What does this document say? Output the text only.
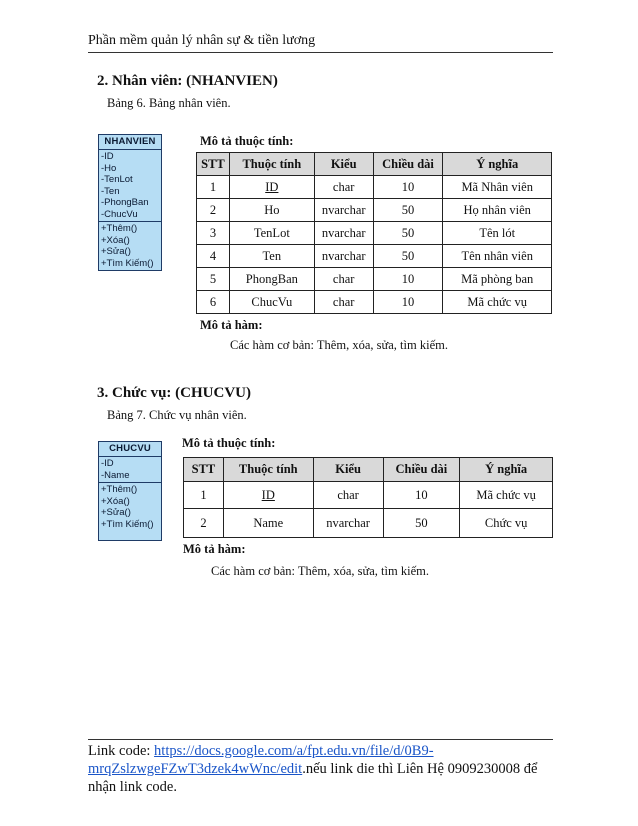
Phần mềm quản lý nhân sự & tiền lương
2. Nhân viên: (NHANVIEN)
Bảng 6. Bảng nhân viên.
NHANVIEN
-ID
-Ho
-TenLot
-Ten
-PhongBan
-ChucVu
+Thêm()
+Xóa()
+Sửa()
+Tìm Kiếm()
Mô tả thuộc tính:
STT	Thuộc tính	Kiểu	Chiều dài	Ý nghĩa
1	ID	char	10	Mã Nhân viên
2	Ho	nvarchar	50	Họ nhân viên
3	TenLot	nvarchar	50	Tên lót
4	Ten	nvarchar	50	Tên nhân viên
5	PhongBan	char	10	Mã phòng ban
6	ChucVu	char	10	Mã chức vụ
Mô tả hàm:
Các hàm cơ bản: Thêm, xóa, sửa, tìm kiếm.
3. Chức vụ: (CHUCVU)
Bảng 7. Chức vụ nhân viên.
CHUCVU
-ID
-Name
+Thêm()
+Xóa()
+Sửa()
+Tìm Kiếm()
Mô tả thuộc tính:
STT	Thuộc tính	Kiểu	Chiều dài	Ý nghĩa
1	ID	char	10	Mã chức vụ
2	Name	nvarchar	50	Chức vụ
Mô tả hàm:
Các hàm cơ bản: Thêm, xóa, sửa, tìm kiếm.
Link code: https://docs.google.com/a/fpt.edu.vn/file/d/0B9-mrqZslzwgeFZwT3dzek4wWnc/edit.nếu link die thì Liên Hệ 0909230008 để nhận link code.
